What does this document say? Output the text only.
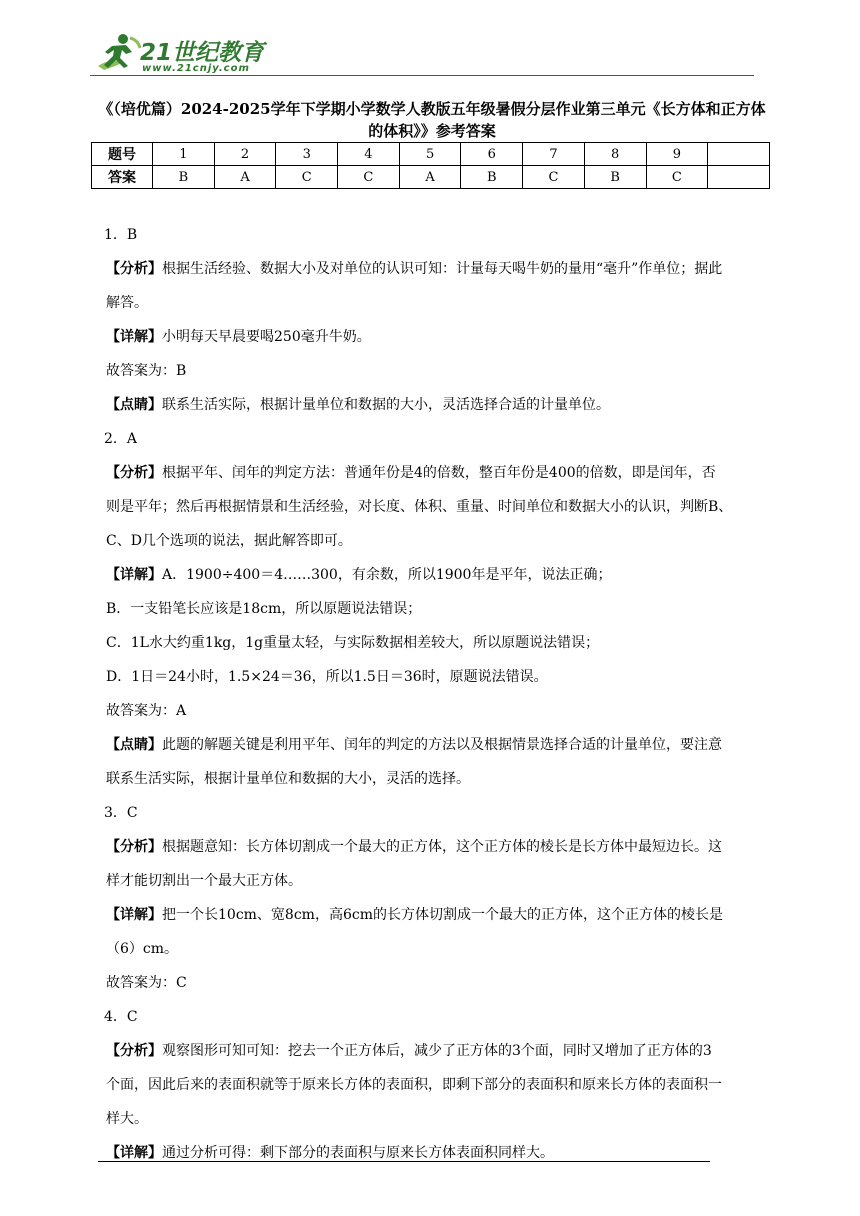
21世纪教育
www.21cnjy.com
《（培优篇）2024-2025学年下学期小学数学人教版五年级暑假分层作业第三单元《长方体和正方体的体积》》参考答案
题号	1	2	3	4	5	6	7	8	9	
答案	B	A	C	C	A	B	C	B	C	

1．B

【分析】根据生活经验、数据大小及对单位的认识可知：计量每天喝牛奶的量用“毫升”作单位；据此

解答。

【详解】小明每天早晨要喝250毫升牛奶。

故答案为：B

【点睛】联系生活实际，根据计量单位和数据的大小，灵活选择合适的计量单位。

2．A

【分析】根据平年、闰年的判定方法：普通年份是4的倍数，整百年份是400的倍数，即是闰年，否

则是平年；然后再根据情景和生活经验，对长度、体积、重量、时间单位和数据大小的认识，判断B、

C、D几个选项的说法，据此解答即可。

【详解】A．1900÷400＝4……300，有余数，所以1900年是平年，说法正确；

B．一支铅笔长应该是18cm，所以原题说法错误；

C．1L水大约重1kg，1g重量太轻，与实际数据相差较大，所以原题说法错误；

D．1日＝24小时，1.5×24＝36，所以1.5日＝36时，原题说法错误。

故答案为：A

【点睛】此题的解题关键是利用平年、闰年的判定的方法以及根据情景选择合适的计量单位，要注意

联系生活实际，根据计量单位和数据的大小，灵活的选择。

3．C

【分析】根据题意知：长方体切割成一个最大的正方体，这个正方体的棱长是长方体中最短边长。这

样才能切割出一个最大正方体。

【详解】把一个长10cm、宽8cm，高6cm的长方体切割成一个最大的正方体，这个正方体的棱长是

（6）cm。

故答案为：C

4．C

【分析】观察图形可知可知：挖去一个正方体后，减少了正方体的3个面，同时又增加了正方体的3

个面，因此后来的表面积就等于原来长方体的表面积，即剩下部分的表面积和原来长方体的表面积一

样大。

【详解】通过分析可得：剩下部分的表面积与原来长方体表面积同样大。
